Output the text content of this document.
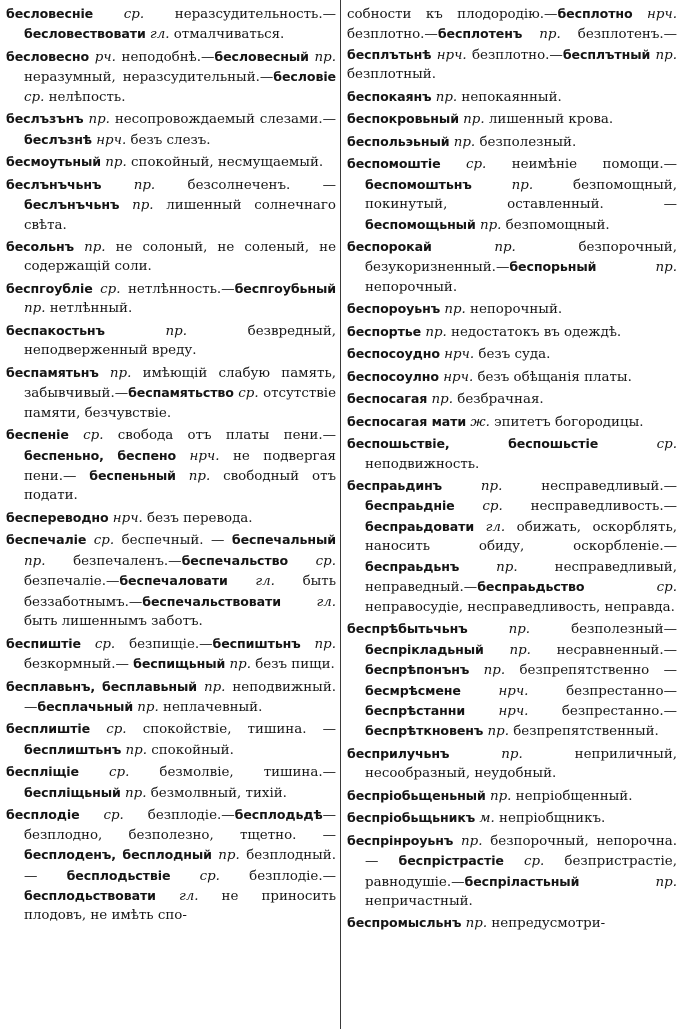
бесловесніе ср. неразсудительность.—бесловествовати гл. отмалчиваться.
бесловесно рч. неподобнѣ.—бесловесный пр. неразумный, неразсудительный.—бесловіе ср. нелѣпость.
беслъзънъ пр. несопровождаемый слезами.—беслъзнѣ нрч. безъ слезъ.
бесмоутьный пр. спокойный, несмущаемый.
беслънъчьнъ пр. безсолнеченъ. — беслънъчьнъ пр. лишенный солнечнаго свѣта.
бесольнъ пр. не солоный, не соленый, не содержащій соли.
беспгоубліе ср. нетлѣнность.—беспгоубьный пр. нетлѣнный.
беспакостьнъ пр. безвредный, неподверженный вреду.
беспамятьнъ пр. имѣющій слабую память, забывчивый.—беспамятьство ср. отсутствіе памяти, безчувствіе.
беспеніе ср. свобода отъ платы пени.—беспеньно, беспено нрч. не подвергая пени.— беспеньный пр. свободный отъ подати.
беспереводно нрч. безъ перевода.
беспечаліе ср. беспечный. — беспечальный пр. безпечаленъ.—беспечальство ср. безпечаліе.—беспечаловати гл. быть беззаботнымъ.—беспечальствовати гл. быть лишеннымъ заботъ.
беспиштіе ср. безпищіе.—беспиштьнъ пр. безкормный.— беспищьный пр. безъ пищи.
бесплавьнъ, бесплавьный пр. неподвижный.—бесплачьный пр. неплачевный.
бесплиштіе ср. спокойствіе, тишина. —бесплиштьнъ пр. спокойный.
беспліщіе ср. безмолвіе, тишина.— беспліщьный пр. безмолвный, тихій.
бесплодіе ср. безплодіе.—бесплодьдѣ—безплодно, безполезно, тщетно. — бесплоденъ, бесплодный пр. безплодный. — бесплодьствіе ср. безплодіе.—бесплодьствовати гл. не приносить плодовъ, не имѣть спо-
собности къ плодородію.—бесплотно нрч. безплотно.—бесплотенъ пр. безплотенъ.—бесплътьнѣ нрч. безплотно.—бесплътный пр. безплотный.
беспокаянъ пр. непокаянный.
беспокровьный пр. лишенный крова.
беспольэьный пр. безполезный.
беспомоштіе ср. неимѣніе помощи.—беспомоштьнъ пр. безпомощный, покинутый, оставленный. — беспомощьный пр. безпомощный.
беспорокай пр. безпорочный, безукоризненный.—беспорьный пр. непорочный.
беспороуьнъ пр. непорочный.
беспортье пр. недостатокъ въ одеждѣ.
беспосоудно нрч. безъ суда.
беспосоулно нрч. безъ обѣщанія платы.
беспосагая пр. безбрачная.
беспосагая мати ж. эпитетъ богородицы.
беспошьствіе, беспошьстіе ср. неподвижность.
беспраьдинъ пр. несправедливый.—беспраьдніе ср. несправедливость.—беспраьдовати гл. обижать, оскорблять, наносить обиду, оскорбленіе.—беспраьдьнъ пр. несправедливый, неправедный.—беспраьдьство ср. неправосудіе, несправедливость, неправда.
беспрѣбытьчьнъ пр. безполезный—беспрікладьный пр. несравненный.—беспрѣпонънъ пр. безпрепятственно —бесмрѣсмене нрч. безпрестанно—беспрѣстанни нрч. безпрестанно.—беспрѣткновенъ пр. безпрепятственный.
бесприлучьнъ пр. неприличный, несообразный, неудобный.
беспріобьщеньный пр. непріобщенный.
беспріобьщьникъ м. непріобщникъ.
беспрінроуьнъ пр. безпорочный, непорочна. — беспрістрастіе ср. безпристрастіе, равнодушіе.—беспріластьный пр. непричастный.
беспромысльнъ пр. непредусмотри-
